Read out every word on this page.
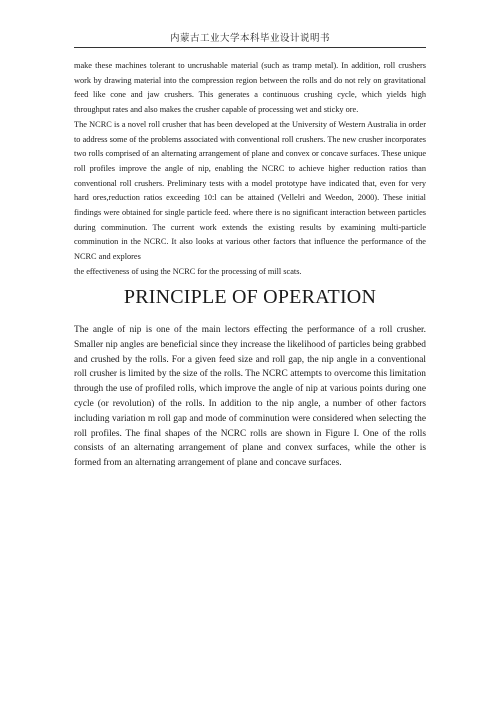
内蒙古工业大学本科毕业设计说明书

make these machines tolerant to uncrushable material (such as tramp metal). In addition, roll crushers work by drawing material into the compression region between the rolls and do not rely on gravitational feed like cone and jaw crushers. This generates a continuous crushing cycle, which yields high throughput rates and also makes the crusher capable of processing wet and sticky ore.

The NCRC is a novel roll crusher that has been developed at the University of Western Australia in order to address some of the problems associated with conventional roll crushers. The new crusher incorporates two rolls comprised of an alternating arrangement of plane and convex or concave surfaces. These unique roll profiles improve the angle of nip, enabling the NCRC to achieve higher reduction ratios than conventional roll crushers. Preliminary tests with a model prototype have indicated that, even for very hard ores,reduction ratios exceeding 10:l can be attained (Vellelri and Weedon, 2000). These initial findings were obtained for single particle feed. where there is no significant interaction between particles during comminution. The current work extends the existing results by examining multi-particle comminution in the NCRC. It also looks at various other factors that influence the performance of the NCRC and explores

the effectiveness of using the NCRC for the processing of mill scats.

PRINCIPLE OF OPERATION

The angle of nip is one of the main lectors effecting the performance of a roll crusher. Smaller nip angles are beneficial since they increase the likelihood of particles being grabbed and crushed by the rolls. For a given feed size and roll gap, the nip angle in a conventional roll crusher is limited by the size of the rolls. The NCRC attempts to overcome this limitation through the use of profiled rolls, which improve the angle of nip at various points during one cycle (or revolution) of the rolls. In addition to the nip angle, a number of other factors including variation m roll gap and mode of comminution were considered when selecting the roll profiles. The final shapes of the NCRC rolls are shown in Figure I. One of the rolls consists of an alternating arrangement of plane and convex surfaces, while the other is formed from an alternating arrangement of plane and concave surfaces.
